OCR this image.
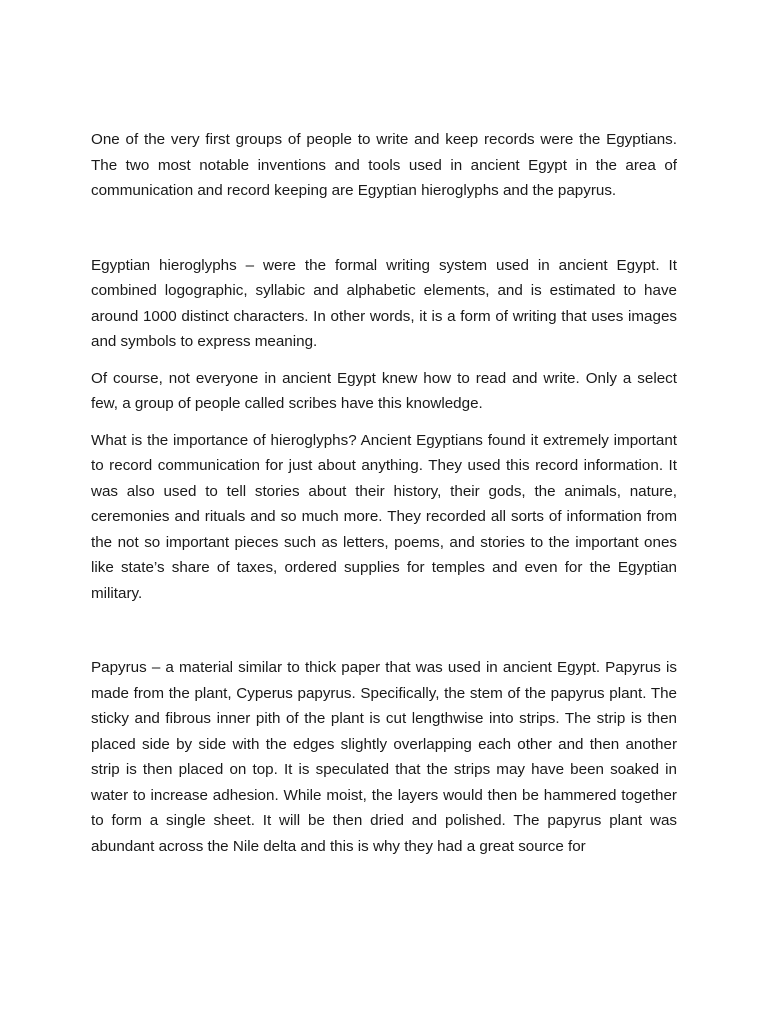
One of the very first groups of people to write and keep records were the Egyptians. The two most notable inventions and tools used in ancient Egypt in the area of communication and record keeping are Egyptian hieroglyphs and the papyrus.

Egyptian hieroglyphs – were the formal writing system used in ancient Egypt. It combined logographic, syllabic and alphabetic elements, and is estimated to have around 1000 distinct characters. In other words, it is a form of writing that uses images and symbols to express meaning.

Of course, not everyone in ancient Egypt knew how to read and write. Only a select few, a group of people called scribes have this knowledge.

What is the importance of hieroglyphs? Ancient Egyptians found it extremely important to record communication for just about anything. They used this record information. It was also used to tell stories about their history, their gods, the animals, nature, ceremonies and rituals and so much more. They recorded all sorts of information from the not so important pieces such as letters, poems, and stories to the important ones like state’s share of taxes, ordered supplies for temples and even for the Egyptian military.

Papyrus – a material similar to thick paper that was used in ancient Egypt. Papyrus is made from the plant, Cyperus papyrus. Specifically, the stem of the papyrus plant. The sticky and fibrous inner pith of the plant is cut lengthwise into strips. The strip is then placed side by side with the edges slightly overlapping each other and then another strip is then placed on top. It is speculated that the strips may have been soaked in water to increase adhesion. While moist, the layers would then be hammered together to form a single sheet. It will be then dried and polished. The papyrus plant was abundant across the Nile delta and this is why they had a great source for
